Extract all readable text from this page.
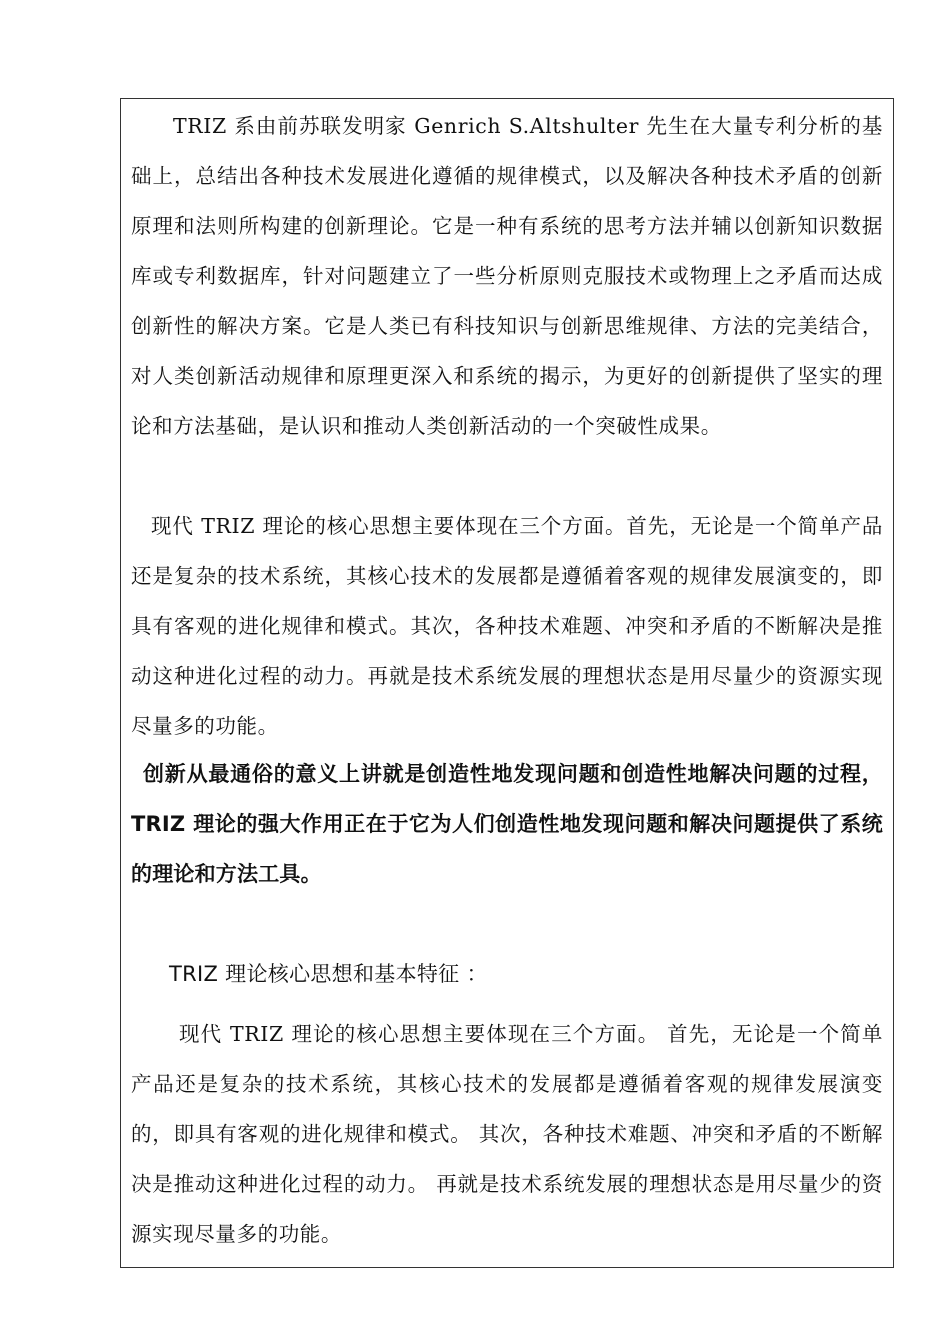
TRIZ 系由前苏联发明家 Genrich S.Altshulter 先生在大量专利分析的基础上，总结出各种技术发展进化遵循的规律模式，以及解决各种技术矛盾的创新原理和法则所构建的创新理论。它是一种有系统的思考方法并辅以创新知识数据库或专利数据库，针对问题建立了一些分析原则克服技术或物理上之矛盾而达成创新性的解决方案。它是人类已有科技知识与创新思维规律、方法的完美结合，对人类创新活动规律和原理更深入和系统的揭示，为更好的创新提供了坚实的理论和方法基础，是认识和推动人类创新活动的一个突破性成果。

现代 TRIZ 理论的核心思想主要体现在三个方面。首先，无论是一个简单产品还是复杂的技术系统，其核心技术的发展都是遵循着客观的规律发展演变的，即具有客观的进化规律和模式。其次，各种技术难题、冲突和矛盾的不断解决是推动这种进化过程的动力。再就是技术系统发展的理想状态是用尽量少的资源实现尽量多的功能。

创新从最通俗的意义上讲就是创造性地发现问题和创造性地解决问题的过程，TRIZ 理论的强大作用正在于它为人们创造性地发现问题和解决问题提供了系统的理论和方法工具。

TRIZ 理论核心思想和基本特征 ：

现代 TRIZ 理论的核心思想主要体现在三个方面。 首先，无论是一个简单产品还是复杂的技术系统，其核心技术的发展都是遵循着客观的规律发展演变的，即具有客观的进化规律和模式。 其次，各种技术难题、冲突和矛盾的不断解决是推动这种进化过程的动力。 再就是技术系统发展的理想状态是用尽量少的资源实现尽量多的功能。
